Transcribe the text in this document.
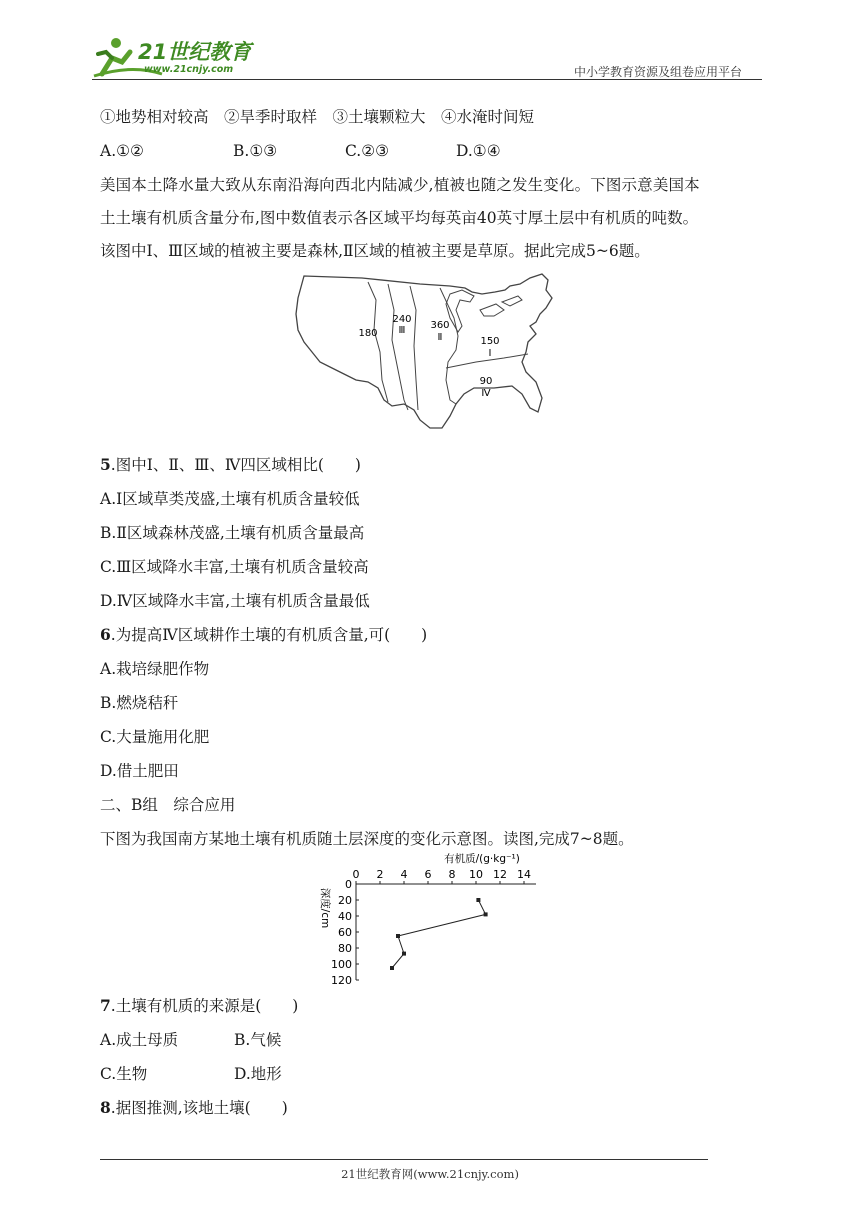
21世纪教育
www.21cnjy.com	中小学教育资源及组卷应用平台
①地势相对较高　②旱季时取样　③土壤颗粒大　④水淹时间短
A.①②	B.①③	C.②③	D.①④
美国本土降水量大致从东南沿海向西北内陆减少,植被也随之发生变化。下图示意美国本
土土壤有机质含量分布,图中数值表示各区域平均每英亩40英寸厚土层中有机质的吨数。
该图中Ⅰ、Ⅲ区域的植被主要是森林,Ⅱ区域的植被主要是草原。据此完成5~6题。
180
240
Ⅲ	360
Ⅱ	150
Ⅰ
90
Ⅳ
5.图中Ⅰ、Ⅱ、Ⅲ、Ⅳ四区域相比(　　)
A.Ⅰ区域草类茂盛,土壤有机质含量较低
B.Ⅱ区域森林茂盛,土壤有机质含量最高
C.Ⅲ区域降水丰富,土壤有机质含量较高
D.Ⅳ区域降水丰富,土壤有机质含量最低
6.为提高Ⅳ区域耕作土壤的有机质含量,可(　　)
A.栽培绿肥作物
B.燃烧秸秆
C.大量施用化肥
D.借土肥田
二、B组　综合应用
下图为我国南方某地土壤有机质随土层深度的变化示意图。读图,完成7~8题。
有机质/(g·kg⁻¹)
深度/cm
0 2 4 6 8 10 12 14
0
20
40
60
80
100
120
7.土壤有机质的来源是(　　)
A.成土母质	B.气候
C.生物	D.地形
8.据图推测,该地土壤(　　)
21世纪教育网(www.21cnjy.com)
